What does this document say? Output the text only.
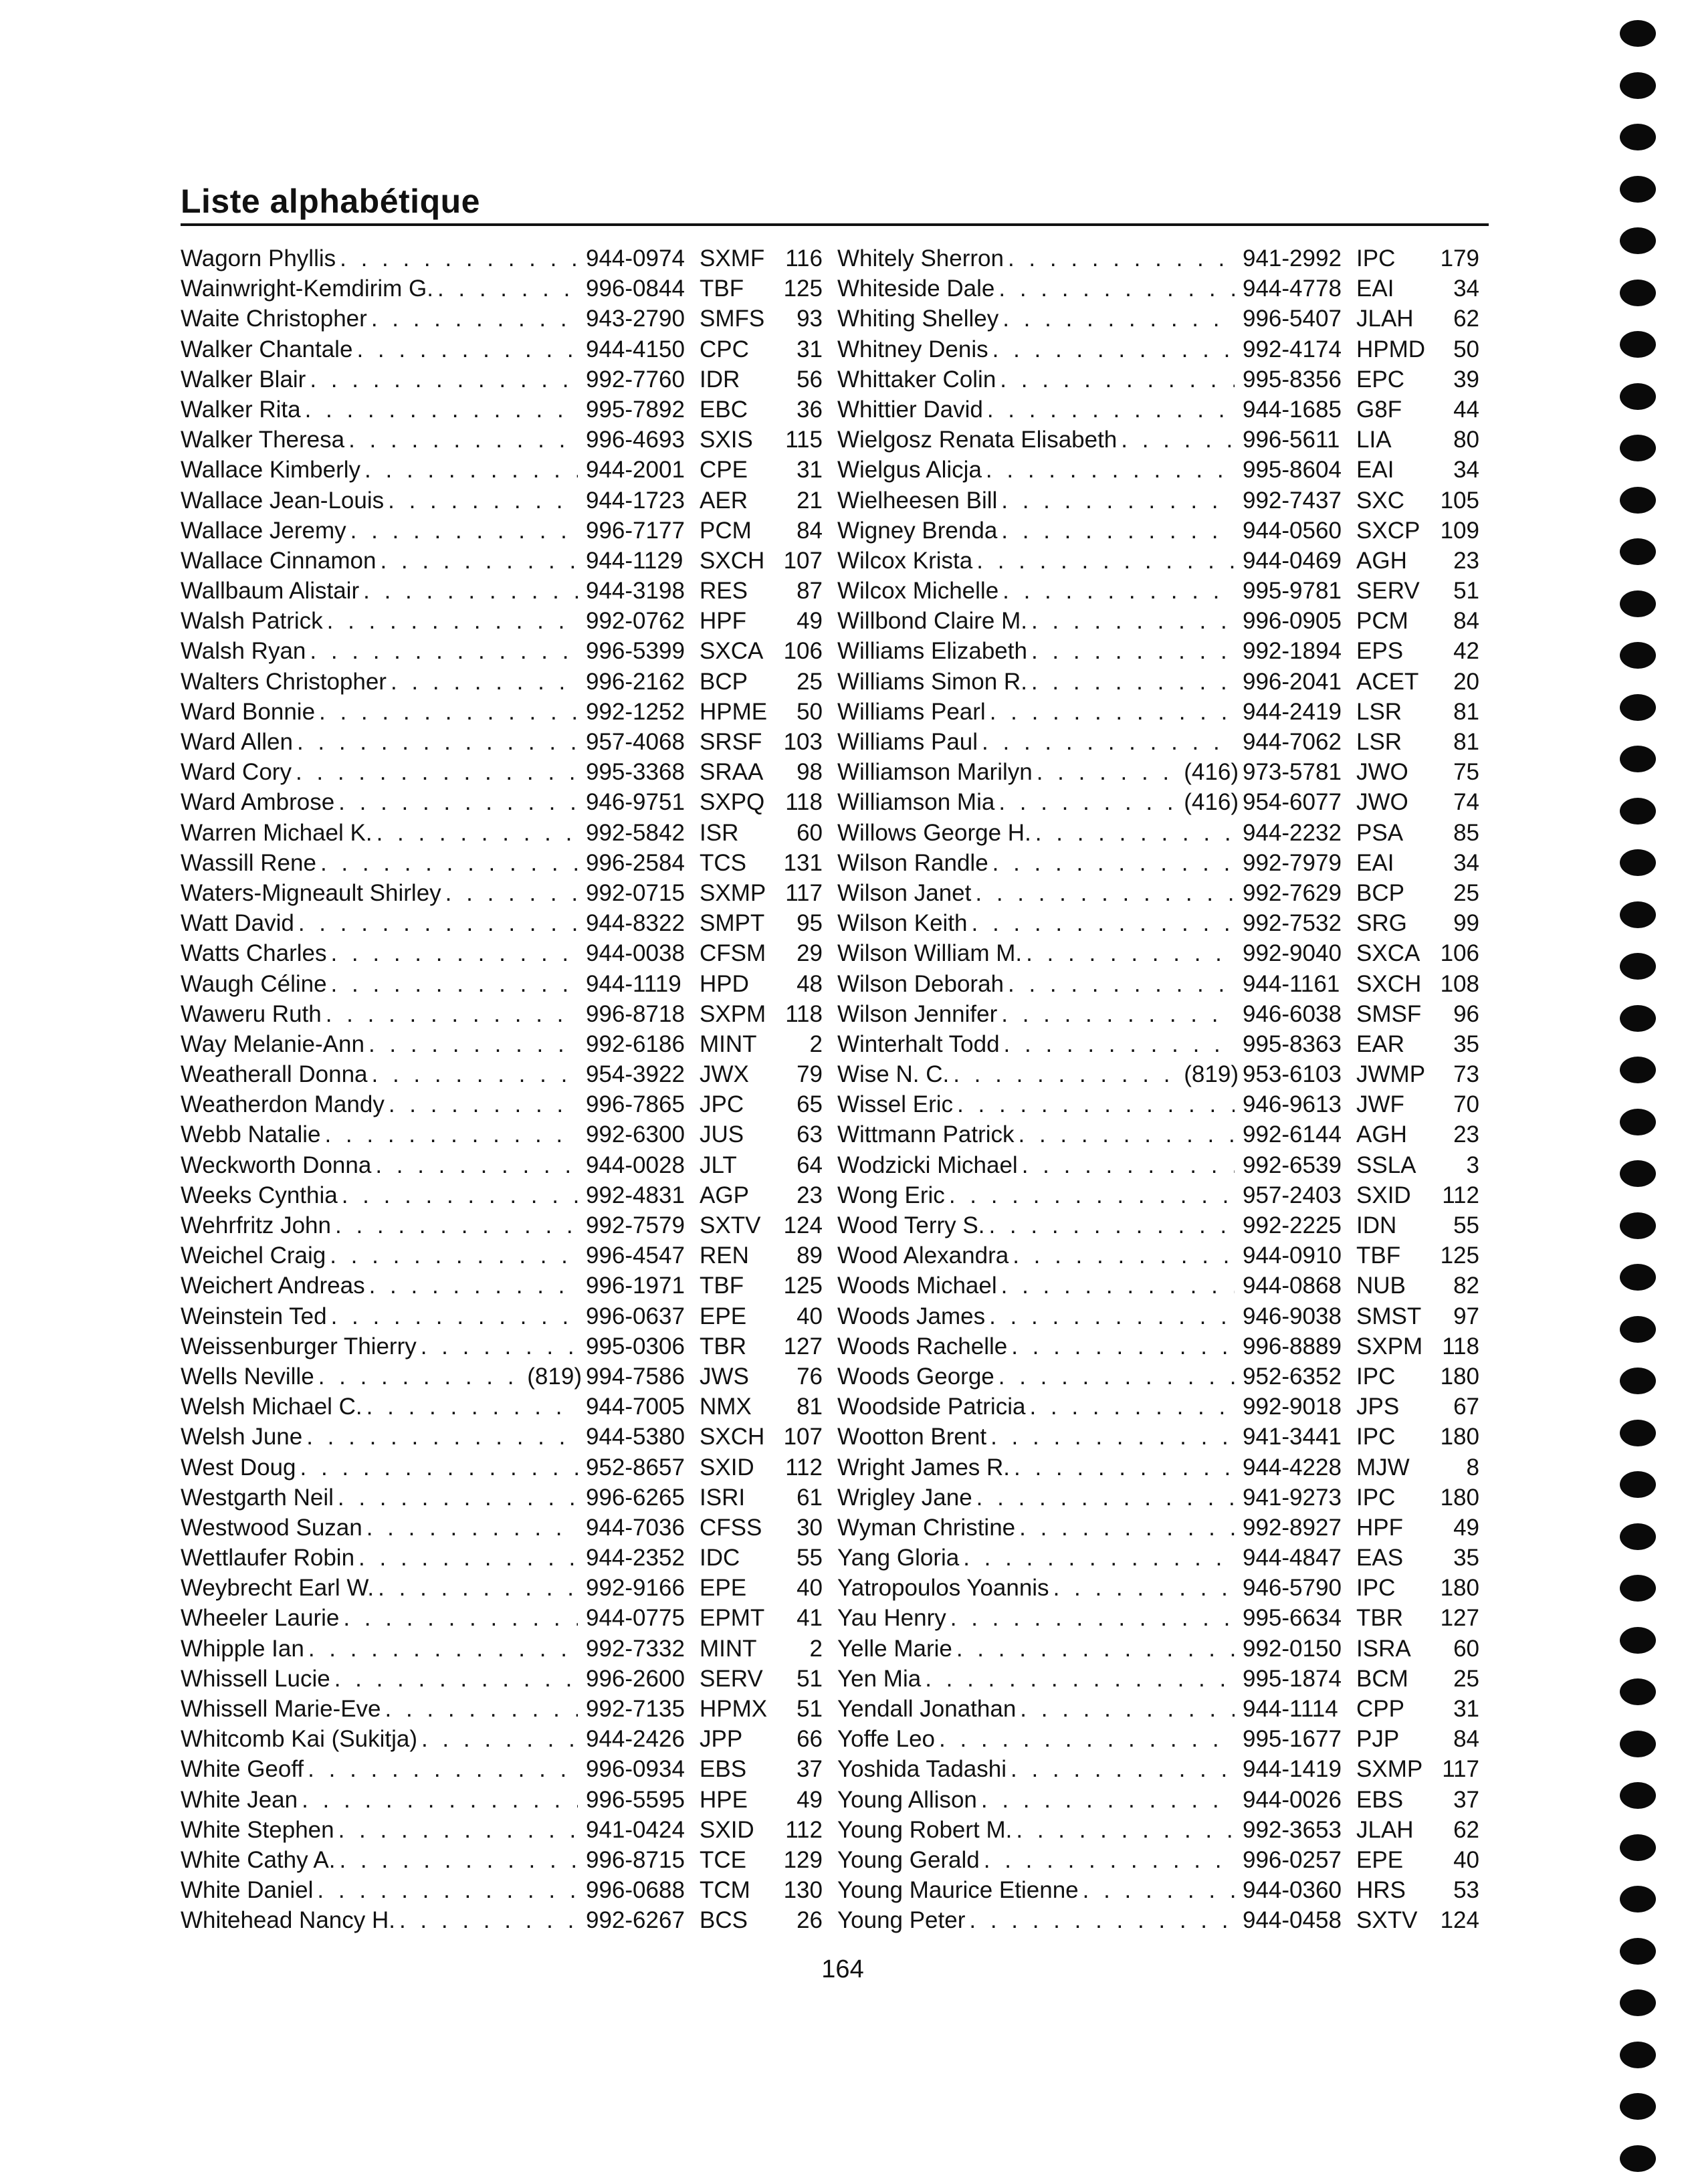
Liste alphabétique
Wagorn Phyllis . . .	944-0974 SXMF 116
Wainwright-Kemdirim G. . . .	996-0844 TBF	125
Waite Christopher . . .	943-2790 SMFS	93
Walker Chantale . . .	944-4150 CPC	31
Walker Blair . . .	992-7760 IDR	56
Walker Rita . . .	995-7892 EBC	36
Walker Theresa . . .	996-4693 SXIS	115
Wallace Kimberly . . .	944-2001 CPE	31
Wallace Jean-Louis . . .	944-1723 AER	21
Wallace Jeremy . . .	996-7177 PCM	84
Wallace Cinnamon . . .	944-1129 SXCH 107
Wallbaum Alistair . . .	944-3198 RES	87
Walsh Patrick . . .	992-0762 HPF	49
Walsh Ryan . . .	996-5399 SXCA 106
Walters Christopher . . .	996-2162 BCP	25
Ward Bonnie . . .	992-1252 HPME	50
Ward Allen . . .	957-4068 SRSF 103
Ward Cory . . .	995-3368 SRAA	98
Ward Ambrose . . .	946-9751 SXPQ 118
Warren Michael K. . . .	992-5842 ISR	60
Wassill Rene . . .	996-2584 TCS	131
Waters-Migneault Shirley . . .	992-0715 SXMP 117
Watt David . . .	944-8322 SMPT	95
Watts Charles . . .	944-0038 CFSM	29
Waugh Céline . . .	944-1119 HPD	48
Waweru Ruth . . .	996-8718 SXPM 118
Way Melanie-Ann . . .	992-6186 MINT	2
Weatherall Donna . . .	954-3922 JWX	79
Weatherdon Mandy . . .	996-7865 JPC	65
Webb Natalie . . .	992-6300 JUS	63
Weckworth Donna . . .	944-0028 JLT	64
Weeks Cynthia . . .	992-4831 AGP	23
Wehrfritz John . . .	992-7579 SXTV 124
Weichel Craig . . .	996-4547 REN	89
Weichert Andreas . . .	996-1971 TBF	125
Weinstein Ted . . .	996-0637 EPE	40
Weissenburger Thierry . . .	995-0306 TBR	127
Wells Neville . . .	(819) 994-7586 JWS	76
Welsh Michael C. . . .	944-7005 NMX	81
Welsh June . . .	944-5380 SXCH 107
West Doug . . .	952-8657 SXID	112
Westgarth Neil . . .	996-6265 ISRI	61
Westwood Suzan . . .	944-7036 CFSS	30
Wettlaufer Robin . . .	944-2352 IDC	55
Weybrecht Earl W. . . .	992-9166 EPE	40
Wheeler Laurie . . .	944-0775 EPMT	41
Whipple Ian . . .	992-7332 MINT	2
Whissell Lucie . . .	996-2600 SERV	51
Whissell Marie-Eve . . .	992-7135 HPMX	51
Whitcomb Kai (Sukitja) . . .	944-2426 JPP	66
White Geoff . . .	996-0934 EBS	37
White Jean . . .	996-5595 HPE	49
White Stephen . . .	941-0424 SXID	112
White Cathy A. . . .	996-8715 TCE	129
White Daniel . . .	996-0688 TCM	130
Whitehead Nancy H. . . .	992-6267 BCS	26
Whitely Sherron . . .	941-2992 IPC	179
Whiteside Dale . . .	944-4778 EAI	34
Whiting Shelley . . .	996-5407 JLAH	62
Whitney Denis . . .	992-4174 HPMD	50
Whittaker Colin . . .	995-8356 EPC	39
Whittier David . . .	944-1685 G8F	44
Wielgosz Renata Elisabeth . . .	996-5611 LIA	80
Wielgus Alicja . . .	995-8604 EAI	34
Wielheesen Bill . . .	992-7437 SXC	105
Wigney Brenda . . .	944-0560 SXCP 109
Wilcox Krista . . .	944-0469 AGH	23
Wilcox Michelle . . .	995-9781 SERV	51
Willbond Claire M. . . .	996-0905 PCM	84
Williams Elizabeth . . .	992-1894 EPS	42
Williams Simon R. . . .	996-2041 ACET	20
Williams Pearl . . .	944-2419 LSR	81
Williams Paul . . .	944-7062 LSR	81
Williamson Marilyn . . .	(416) 973-5781 JWO	75
Williamson Mia . . .	(416) 954-6077 JWO	74
Willows George H. . . .	944-2232 PSA	85
Wilson Randle . . .	992-7979 EAI	34
Wilson Janet . . .	992-7629 BCP	25
Wilson Keith . . .	992-7532 SRG	99
Wilson William M. . . .	992-9040 SXCA 106
Wilson Deborah . . .	944-1161 SXCH 108
Wilson Jennifer . . .	946-6038 SMSF	96
Winterhalt Todd . . .	995-8363 EAR	35
Wise N. C. . . .	(819) 953-6103 JWMP	73
Wissel Eric . . .	946-9613 JWF	70
Wittmann Patrick . . .	992-6144 AGH	23
Wodzicki Michael . . .	992-6539 SSLA	3
Wong Eric . . .	957-2403 SXID	112
Wood Terry S. . . .	992-2225 IDN	55
Wood Alexandra . . .	944-0910 TBF	125
Woods Michael . . .	944-0868 NUB	82
Woods James . . .	946-9038 SMST	97
Woods Rachelle . . .	996-8889 SXPM 118
Woods George . . .	952-6352 IPC	180
Woodside Patricia . . .	992-9018 JPS	67
Wootton Brent . . .	941-3441 IPC	180
Wright James R. . . .	944-4228 MJW	8
Wrigley Jane . . .	941-9273 IPC	180
Wyman Christine . . .	992-8927 HPF	49
Yang Gloria . . .	944-4847 EAS	35
Yatropoulos Yoannis . . .	946-5790 IPC	180
Yau Henry . . .	995-6634 TBR	127
Yelle Marie . . .	992-0150 ISRA	60
Yen Mia . . .	995-1874 BCM	25
Yendall Jonathan . . .	944-1114 CPP	31
Yoffe Leo . . .	995-1677 PJP	84
Yoshida Tadashi . . .	944-1419 SXMP 117
Young Allison . . .	944-0026 EBS	37
Young Robert M. . . .	992-3653 JLAH	62
Young Gerald . . .	996-0257 EPE	40
Young Maurice Etienne . . .	944-0360 HRS	53
Young Peter . . .	944-0458 SXTV 124
164
